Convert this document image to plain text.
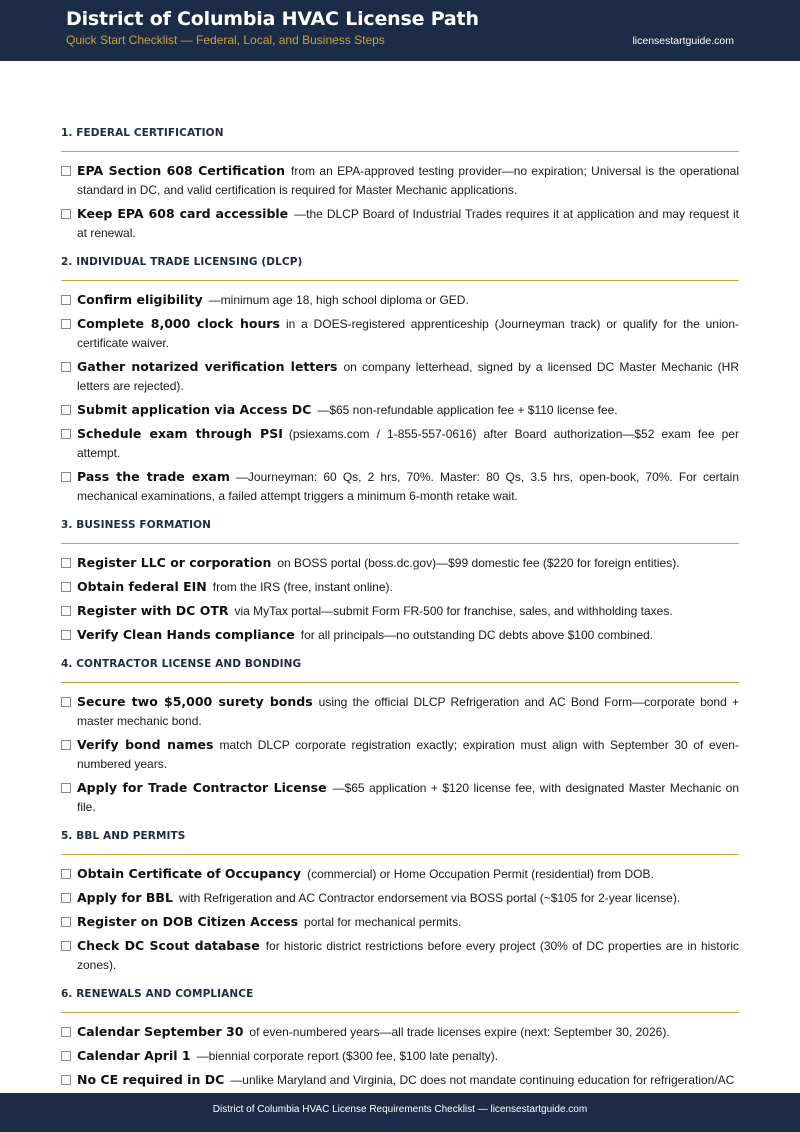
District of Columbia HVAC License Path
Quick Start Checklist — Federal, Local, and Business Steps	licensestartguide.com
1. FEDERAL CERTIFICATION
EPA Section 608 Certification from an EPA-approved testing provider—no expiration; Universal is the operational standard in DC, and valid certification is required for Master Mechanic applications.
Keep EPA 608 card accessible —the DLCP Board of Industrial Trades requires it at application and may request it at renewal.
2. INDIVIDUAL TRADE LICENSING (DLCP)
Confirm eligibility —minimum age 18, high school diploma or GED.
Complete 8,000 clock hours in a DOES-registered apprenticeship (Journeyman track) or qualify for the union-certificate waiver.
Gather notarized verification letters on company letterhead, signed by a licensed DC Master Mechanic (HR letters are rejected).
Submit application via Access DC —$65 non-refundable application fee + $110 license fee.
Schedule exam through PSI (psiexams.com / 1-855-557-0616) after Board authorization—$52 exam fee per attempt.
Pass the trade exam —Journeyman: 60 Qs, 2 hrs, 70%. Master: 80 Qs, 3.5 hrs, open-book, 70%. For certain mechanical examinations, a failed attempt triggers a minimum 6-month retake wait.
3. BUSINESS FORMATION
Register LLC or corporation on BOSS portal (boss.dc.gov)—$99 domestic fee ($220 for foreign entities).
Obtain federal EIN from the IRS (free, instant online).
Register with DC OTR via MyTax portal—submit Form FR-500 for franchise, sales, and withholding taxes.
Verify Clean Hands compliance for all principals—no outstanding DC debts above $100 combined.
4. CONTRACTOR LICENSE AND BONDING
Secure two $5,000 surety bonds using the official DLCP Refrigeration and AC Bond Form—corporate bond + master mechanic bond.
Verify bond names match DLCP corporate registration exactly; expiration must align with September 30 of even-numbered years.
Apply for Trade Contractor License —$65 application + $120 license fee, with designated Master Mechanic on file.
5. BBL AND PERMITS
Obtain Certificate of Occupancy (commercial) or Home Occupation Permit (residential) from DOB.
Apply for BBL with Refrigeration and AC Contractor endorsement via BOSS portal (~$105 for 2-year license).
Register on DOB Citizen Access portal for mechanical permits.
Check DC Scout database for historic district restrictions before every project (30% of DC properties are in historic zones).
6. RENEWALS AND COMPLIANCE
Calendar September 30 of even-numbered years—all trade licenses expire (next: September 30, 2026).
Calendar April 1 —biennial corporate report ($300 fee, $100 late penalty).
No CE required in DC —unlike Maryland and Virginia, DC does not mandate continuing education for refrigeration/AC
District of Columbia HVAC License Requirements Checklist — licensestartguide.com
